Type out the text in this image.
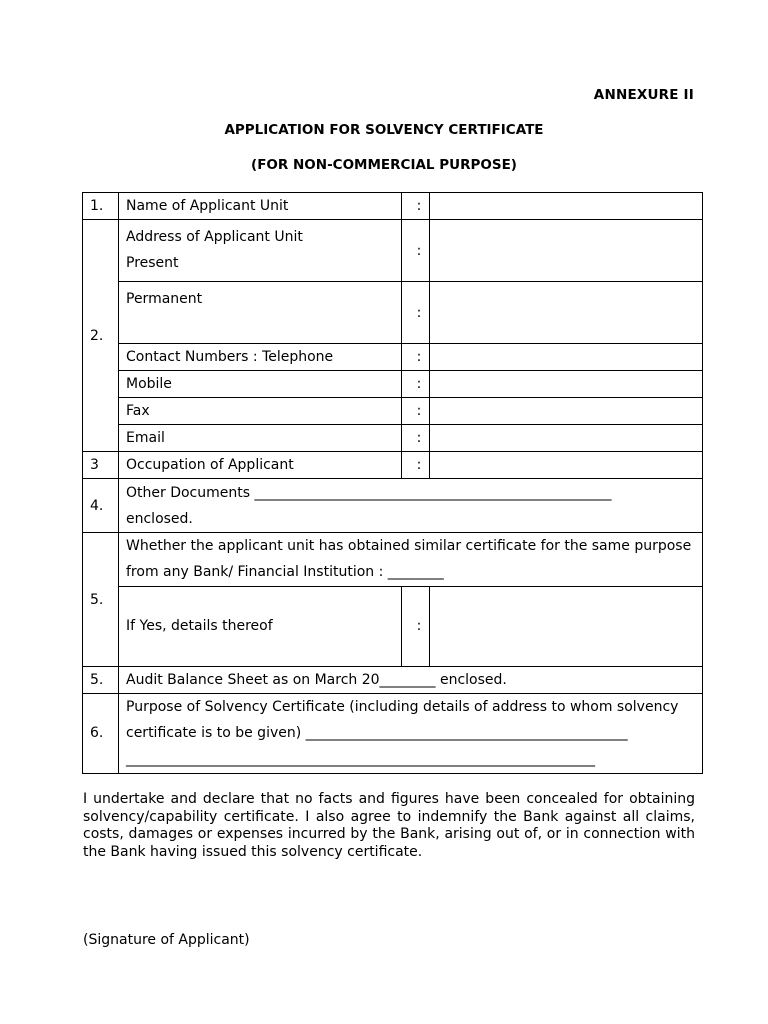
ANNEXURE II
APPLICATION FOR SOLVENCY CERTIFICATE
(FOR NON-COMMERCIAL PURPOSE)
1.	Name of Applicant Unit	:	
2.	Address of Applicant Unit
Present	:	
	Permanent	:	
	Contact Numbers : Telephone	:	
	Mobile	:	
	Fax	:	
	Email	:	
3	Occupation of Applicant	:	
4.	Other Documents ___________________________________________________
enclosed.		

5.	Whether the applicant unit has obtained similar certificate for the same purpose
from any Bank/ Financial Institution : ________		

	If Yes, details thereof	:	
5.	Audit Balance Sheet as on March 20________ enclosed.		
6.	Purpose of Solvency Certificate (including details of address to whom solvency
certificate is to be given) ______________________________________________
___________________________________________________________________		
I undertake and declare that no facts and figures have been concealed for obtaining solvency/capability certificate. I also agree to indemnify the Bank against all claims, costs, damages or expenses incurred by the Bank, arising out of, or in connection with the Bank having issued this solvency certificate.
(Signature of Applicant)
